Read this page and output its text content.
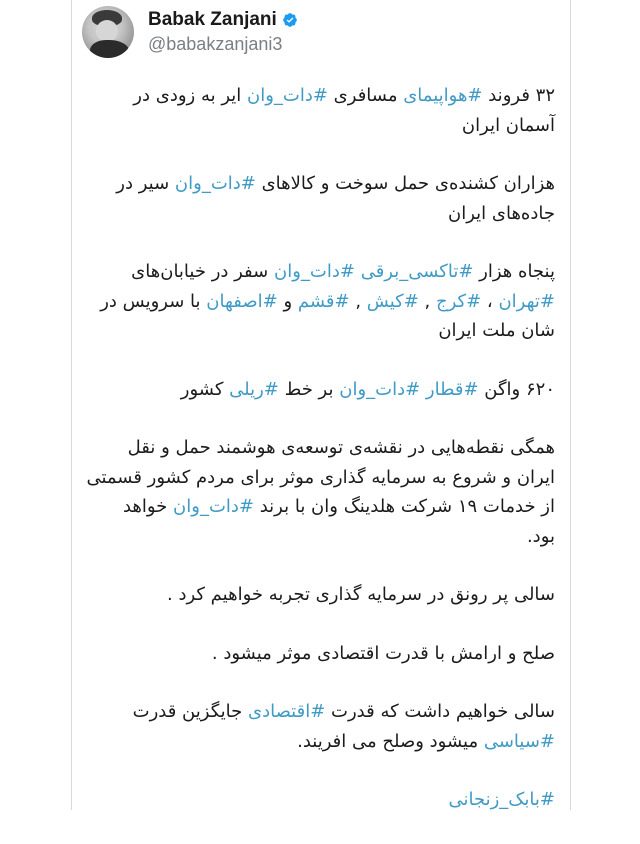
Babak Zanjani
@babakzanjani3
۳۲ فروند #هواپیمای مسافری #دات_وان ایر به زودی در
آسمان ایران
هزاران کشنده‌ی حمل سوخت و کالاهای #دات_وان سیر در
جاده‌های ایران
پنجاه هزار #تاکسی_برقی #دات_وان سفر در خیابان‌های
#تهران ، #کرج , #کیش , #قشم و #اصفهان با سرویس در
شان ملت ایران
۶۲۰ واگن #قطار #دات_وان بر خط #ریلی کشور
همگی نقطه‌هایی در نقشه‌ی توسعه‌ی هوشمند حمل و نقل
ایران و شروع به سرمایه گذاری موثر برای مردم کشور قسمتی
از خدمات ۱۹ شرکت هلدینگ وان با برند #دات_وان خواهد
بود.
سالی پر رونق در سرمایه گذاری تجربه خواهیم کرد .
صلح و ارامش با قدرت اقتصادی موثر میشود .
سالی خواهیم داشت که قدرت #اقتصادی جایگزین قدرت
#سیاسی میشود وصلح می افریند.
#بابک_زنجانی
